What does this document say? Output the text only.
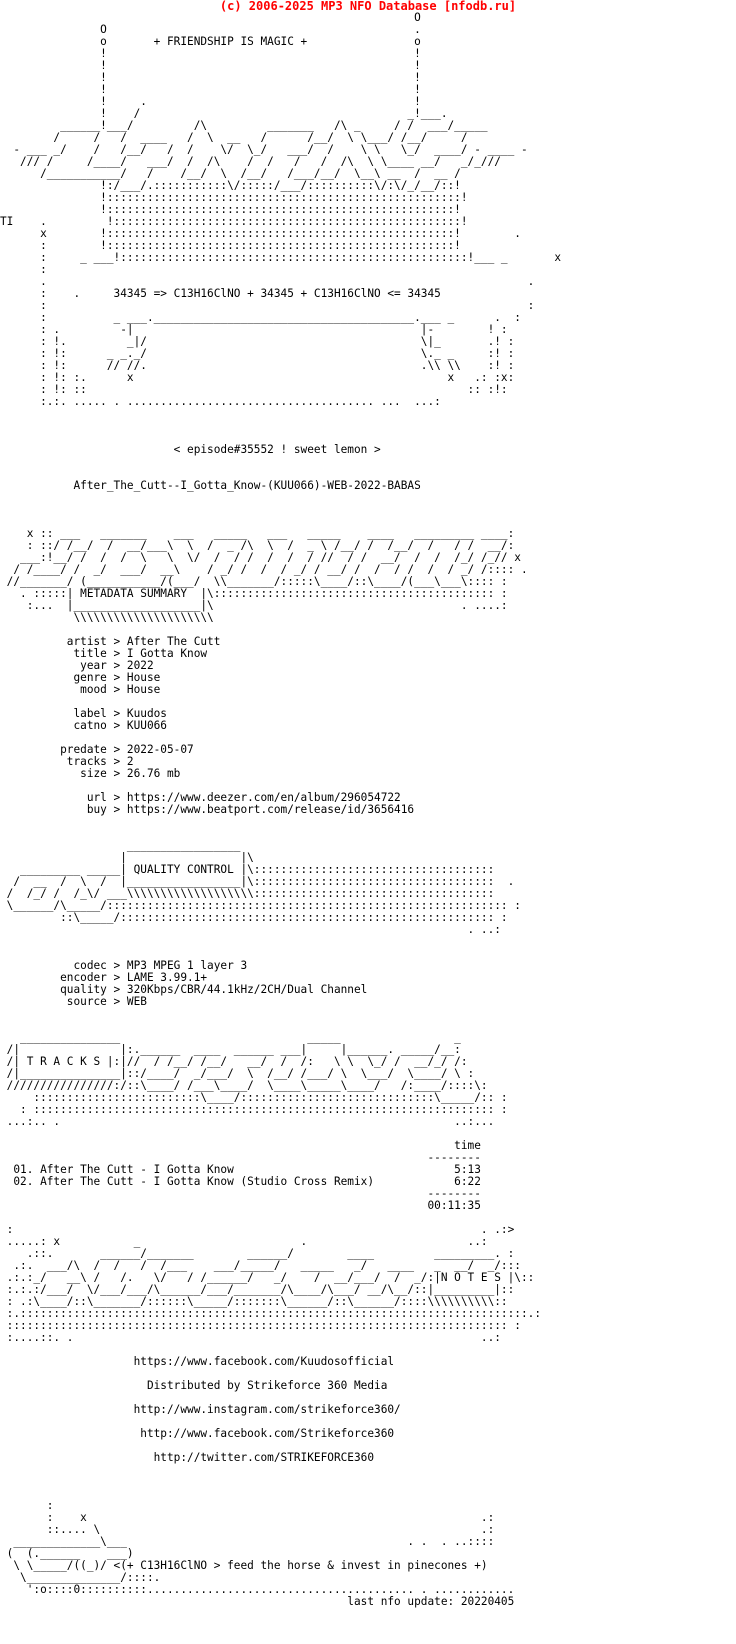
(c) 2006-2025 MP3 NFO Database [nfodb.ru]
O
O                                              .
o       + FRIENDSHIP IS MAGIC +                o
!                                              !
!                                              !
!                                              !
!                                              !
!     .                                        !
!    /                                        _!___.
______!___/         /\         _______   /\ _     / /  ___/_____
/     /   /  ____   /  \  __   /      /__/  \ \___/ /__/     /
- ___ _/    /   /__/   /  /    \/  \_/   ___/  /    \ \   \_/  ____/ - ____ -
/// /     /____/   ___/  /  /\    /  /   /   /  /\  \ \____ __/   _/_///
/___________/   /    /__/  \  /__/   /___/__/  \__\ __  /  __ /
!:/___/.:::::::::::\/:::::/___/::::::::::\/:\/_/__/::!
!:::::::::::::::::::::::::::::::::::::::::::::::::::::!
!::::::::::::::::::::::::::::::::::::::::::::::::::::!
TI    .         !::::::::::::::::::::::::::::::::::::::::::::::::::::!
x        !::::::::::::::::::::::::::::::::::::::::::::::::::::!        .
:        !::::::::::::::::::::::::::::::::::::::::::::::::::::!
:     _ ___!::::::::::::::::::::::::::::::::::::::::::::::::::::!___ _       x
:
.                                                                        .
:    .     34345 => C13H16ClNO + 34345 + C13H16ClNO <= 34345
:                                                                        :
:          _ ___._______________________________________.___ _      .  :
: .         -|                                           |-        ! :
: !.         _|/                                         \|_       .! :
: !:      _ _._/                                         \._ _     :! :
: !:      // //.                                         .\\ \\    :! :
: !: :.      x                                               x   .: :x:
: !: ::                                                         :: :!:
:.:. ..... . ..................................... ...  ...:

< episode#35552 ! sweet lemon >

After_The_Cutt--I_Gotta_Know-(KUU066)-WEB-2022-BABAS

x :: ___   _______    ___   _____   ___   _____    ____   _________ ____:
: ::/ /__/  /  __/___\  \  /  _ /\  \  /  _ \ /__/ /  /__/  /   / /  __/:
___:!__/ /  /  /  \   \  \/  /  / /  /  /  / //  / /  __/  /  /  /_/ /_// x
/ /____/ /  _/  ___/  __\    / _/ /  /  / _/ / __/ /  /  / /  /  / _/ /:::: .
//_______/ (___________/(___/  \\_______/:::::\____/::\____/(___\___\:::: :
. :::::| METADATA SUMMARY  |\:::::::::::::::::::::::::::::::::::::::::: :
:...  |___________________|\                                     . ....:
\\\\\\\\\\\\\\\\\\\\\

artist > After The Cutt
title > I Gotta Know
year > 2022
genre > House
mood > House

label > Kuudos
catno > KUU066

predate > 2022-05-07
tracks > 2
size > 26.76 mb

url > https://www.deezer.com/en/album/296054722
buy > https://www.beatport.com/release/id/3656416

_________________
|                 |\
_________ _____| QUALITY CONTROL |\::::::::::::::::::::::::::::::::::::
/  __  /  \  /  |_________________|\::::::::::::::::::::::::::::::::::::  .
/  /_/ /  /_\/ ___\\\\\\\\\\\\\\\\\\\::::::::::::::::::::::::::::::::::::
\______/\_____/:::::::::::::::::::::::::::::::::::::::::::::::::::::::::::: :
::\_____/:::::::::::::::::::::::::::::::::::::::::::::::::::::::: :
. ..:

codec > MP3 MPEG 1 layer 3
encoder > LAME 3.99.1+
quality > 320Kbps/CBR/44.1kHz/2CH/Dual Channel
source > WEB

_______________                            _____                 _
/|               |:.______  ____  ______ ___|     |______. _____/__:
/| T R A C K S |:|//  / /__/ /__/   __/  /  /:   \ \  \_/ /  __/_/ /:
/|_______________|::/____/  _/___/  \  /__/ /___/ \  \___/  \____/ \ :
////////////////:/::\____/ /___\____/  \____\_____\____/   /:____/::::\:
:::::::::::::::::::::::::\____/:::::::::::::::::::::::::::::\_____/:: :
: ::::::::::::::::::::::::::::::::::::::::::::::::::::::::::::::::::::: :
...:.. .                                                           ..:...

time
--------
01. After The Cutt - I Gotta Know                                 5:13
02. After The Cutt - I Gotta Know (Studio Cross Remix)            6:22
--------
00:11:35

:                                                                      . .:>
.....: x           _                        .                        ..:
.::.       ______/_______        ______/        ____         _________. :
.:.  ___/\  /  /   /  /___    ___/_____/   _____   _/   ____   _  __/  _/:::
.:.:_/   __\ /   /.   \/   / /______/   _/    /  __/___/  /  _/:|N O T E S |\::
:.:.:/___/  \/___/___/\______/___/_______/\____/\___/ __/\__/::|_________|::
: .:\____/::\_______/::::::\_____/:::::::\______/::\______/::::\\\\\\\\\\::
:.::::::::::::::::::::::::::::::::::::::::::::::::::::::::::::::::::::::::::::.:
::::::::::::::::::::::::::::::::::::::::::::::::::::::::::::::::::::::::::: :
:....::. .                                                             ..:

https://www.facebook.com/Kuudosofficial

Distributed by Strikeforce 360 Media

http://www.instagram.com/strikeforce360/

http://www.facebook.com/Strikeforce360

http://twitter.com/STRIKEFORCE360

:
:    x                                                           .:
::.... \                                                         .:
_____________\___                                          . .  . ..::::
(  (.______    ___)
\ \_____/((_)/ <(+ C13H16ClNO > feed the horse & invest in pinecones +)
\______________/::::.
':o::::0::::::::::........................................ . ............
last nfo update: 20220405
